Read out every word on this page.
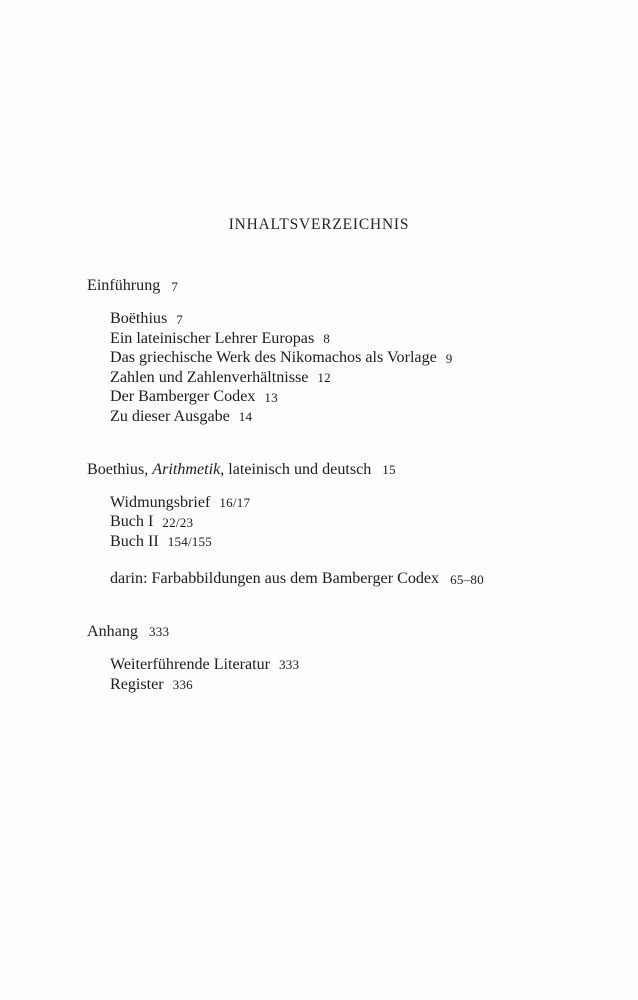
INHALTSVERZEICHNIS
Einführung 7
Boëthius 7
Ein lateinischer Lehrer Europas 8
Das griechische Werk des Nikomachos als Vorlage 9
Zahlen und Zahlenverhältnisse 12
Der Bamberger Codex 13
Zu dieser Ausgabe 14
Boethius, Arithmetik, lateinisch und deutsch 15
Widmungsbrief 16/17
Buch I 22/23
Buch II 154/155
darin: Farbabbildungen aus dem Bamberger Codex 65–80
Anhang 333
Weiterführende Literatur 333
Register 336
